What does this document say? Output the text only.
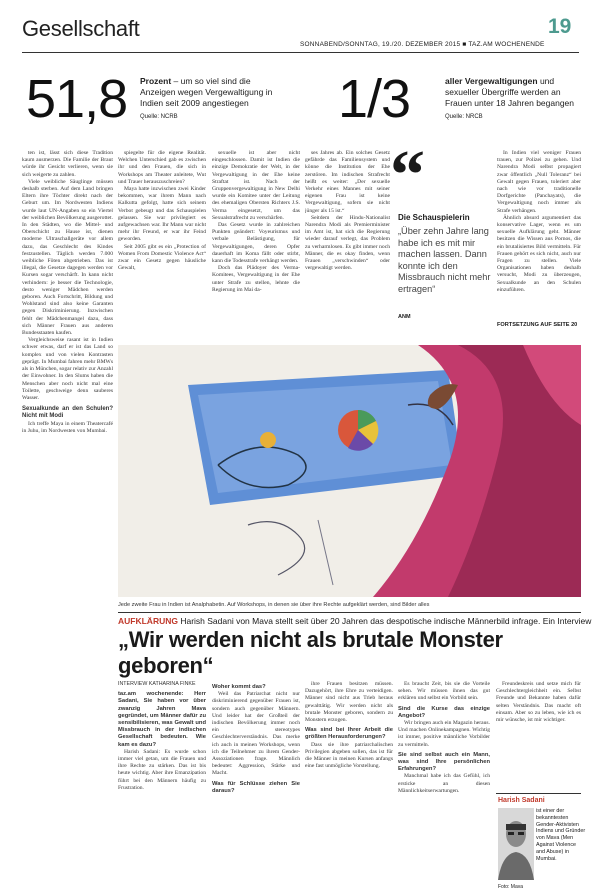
Gesellschaft
SONNABEND/SONNTAG, 19./20. DEZEMBER 2015 ■ TAZ.AM WOCHENENDE
19
51,8 Prozent – um so viel sind die Anzeigen wegen Vergewaltigung in Indien seit 2009 angestiegen
Quelle: NCRB	1/3	aller Vergewaltigungen und sexueller Übergriffe werden an Frauen unter 18 Jahren begangen
Quelle: NRCB

ten ist, lässt sich diese Tradition kaum ausmerzen. Die Familie der Braut würde ihr Gesicht verlieren, wenn sie sich weigerte zu zahlen.

Viele weibliche Säuglinge müssen deshalb sterben. Auf dem Land bringen Eltern ihre Töchter direkt nach der Geburt um. Im Nordwesten Indiens wurde laut UN-Angaben so ein Viertel der weiblichen Bevölkerung ausgerottet. In den Städten, wo die Mittel- und Oberschicht zu Hause ist, dienen moderne Ultraschallgeräte vor allem dazu, das Geschlecht des Kindes festzustellen. Täglich werden 7.000 weibliche Föten abgetrieben. Das ist illegal, die Gesetze dagegen werden vor Kursen sogar verschärft. In kann nicht verhindern: je besser die Technologie, desto weniger Mädchen werden geboren. Auch Fortschritt, Bildung und Wohlstand sind also keine Garanten gegen Diskriminierung. Inzwischen fehlt der Mädchenmangel dazu, dass sich Männer Frauen aus anderen Bundesstaaten kaufen.

Vergleichsweise rasant ist in Indien schwer etwas, darf er ist das Land so komplex und von vielen Kontrasten geprägt. In Mumbai fahren mehr BMWs als in München, sogar relativ zur Anzahl der Einwohner. In den Slums haben die Menschen aber noch nicht mal eine Toilette, geschweige denn sauberes Wasser.

Sexualkunde an den Schulen? Nicht mit Modi

Ich treffe Maya in einem Theatercafé in Juhu, im Nordwesten von Mumbai.

spiegelte für die eigene Realität. Welchen Unterschied gab es zwischen ihr und den Frauen, die sich in Workshops am Theater anleitete, Wut und Trauer herauszuschreien?

Maya hatte inzwischen zwei Kinder bekommen, war ihrem Mann nach Kalkutta gefolgt, hatte sich seinem Verbot gebeugt und das Schauspielen gelassen. Sie war privilegiert es aufgewachsen war. Ihr Mann war nicht mehr ihr Freund, er war ihr Feind geworden.

Seit 2005 gibt es ein „Protection of Women From Domestic Violence Act“ zwar ein Gesetz gegen häusliche Gewalt,

sexuelle ist aber nicht eingeschlossen. Damit ist Indien die einzige Demokratie der Welt, in der Vergewaltigung in der Ehe keine Straftat ist. Nach der Gruppenvergewaltigung in New Delhi wurde ein Komitee unter der Leitung des ehemaligen Obersten Richters J.S. Verma eingesetzt, um das Sexualstrafrecht zu verschärfen.

Das Gesetz wurde in zahlreichen Punkten geändert: Voyeurismus und verbale Belästigung, für Vergewaltigungen, deren Opfer dauerhaft im Koma fällt oder stirbt, kann die Todesstrafe verhängt werden.

Doch das Plädoyer des Verma-Komitees, Vergewaltigung in der Ehe unter Strafe zu stellen, lehnte die Regierung im Mai da-

ses Jahres ab. Ein solches Gesetz gefährde das Familiensystem und könne die Institution der Ehe zerstören. Im indischen Strafrecht heißt es weiter: „Der sexuelle Verkehr eines Mannes mit seiner eigenen Frau ist keine Vergewaltigung, sofern sie nicht jünger als 15 ist.“

Seitdem der Hindu-Nationalist Narendra Modi als Premierminister im Amt ist, hat sich die Regierung wieder darauf verlegt, das Problem zu verharmlosen. Es gibt immer noch Männer, die es okay finden, wenn Frauen „verschwinden“ oder vergewaltigt werden.

“
Die Schauspielerin
„Über zehn Jahre lang habe ich es mit mir machen lassen. Dann konnte ich den Missbrauch nicht mehr ertragen“
ANM

In Indien viel weniger Frauen trauen, zur Polizei zu gehen. Und Narendra Modi selbst propagiert zwar öffentlich „Null Toleranz“ bei Gewalt gegen Frauen, toleriert aber nach wie vor traditionelle Dorfgerichte (Panchayats), die Vergewaltigung noch immer als Strafe verhängen.

Ähnlich absurd argumentiert das konservative Lager, wenn es um sexuelle Aufklärung geht. Männer besitzen die Wissen aus Pornos, die ein brutalisiertes Bild vermitteln. Für Frauen gehört es sich nicht, auch nur Fragen zu stellen. Viele Organisationen haben deshalb versucht, Modi zu überzeugen, Sexualkunde an den Schulen einzuführen.

FORTSETZUNG AUF SEITE 20
Jede zweite Frau in Indien ist Analphabetin. Auf Workshops, in denen sie über ihre Rechte aufgeklärt werden, sind Bilder alles
AUFKLÄRUNG Harish Sadani von Mavа stellt seit über 20 Jahren das despotische indische Männerbild infrage. Ein Interview
„Wir werden nicht als brutale Monster geboren“

INTERVIEW KATHARINA FINKE

taz.am wochenende: Herr Sadani, Sie haben vor über zwanzig Jahren Mava gegründet, um Männer dafür zu sensibilisieren, was Gewalt und Missbrauch in der indischen Gesellschaft bedeuten. Wie kam es dazu?

Harish Sadani: Es wurde schon immer viel getan, um die Frauen und ihre Rechte zu stärken. Das ist bis heute wichtig. Aber ihre Emanzipation führt bei den Männern häufig zu Frustration.

Woher kommt das?

Weil das Patriarchat nicht nur diskriminierend gegenüber Frauen ist, sondern auch gegenüber Männern. Und leider hat der Großteil der indischen Bevölkerung immer noch ein stereotypes Geschlechterverständnis. Das merke ich auch in meinen Workshops, wenn ich die Teilnehmer zu ihrem Gender-Assoziationen frage. Männlich bedeutet: Aggression, Stärke und Macht.

Was für Schlüsse ziehen Sie daraus?

ihre Frauen besitzen müssen. Dazugehört, ihre Ehre zu verteidigen. Männer sind nicht aus Trieb heraus gewalttätig. Wir werden nicht als brutale Monster geboren, sondern zu Monstern erzogen.

Was sind bei Ihrer Arbeit die größten Herausforderungen?

Dass sie ihre patriarchalischen Privilegien abgeben sollen, das ist für die Männer in meinen Kursen anfangs eine fast unmögliche Vorstellung.

Es braucht Zeit, bis sie die Vorteile sehen. Wir müssen ihnen das gut erklären und selbst ein Vorbild sein.

Sind die Kurse das einzige Angebot?

Wir bringen auch ein Magazin heraus. Und machen Onlinekampagnen. Wichtig ist immer, positive männliche Vorbilder zu vermitteln.

Sie sind selbst auch ein Mann, was sind Ihre persönlichen Erfahrungen?

Manchmal habe ich das Gefühl, ich ersticke an diesen Männlichkeitserwartungen.

Freundeskreis und setze mich für Geschlechtergleichheit ein. Selbst Freunde und Bekannte haben dafür selten Verständnis. Das macht oft einsam. Aber so zu leben, wie ich es mir wünsche, ist mir wichtiger.

Harish Sadani
ist einer der bekanntesten Gender-Aktivisten Indiens und Gründer von Mava (Men Against Violence and Abuse) in Mumbai.
Foto: Mava
